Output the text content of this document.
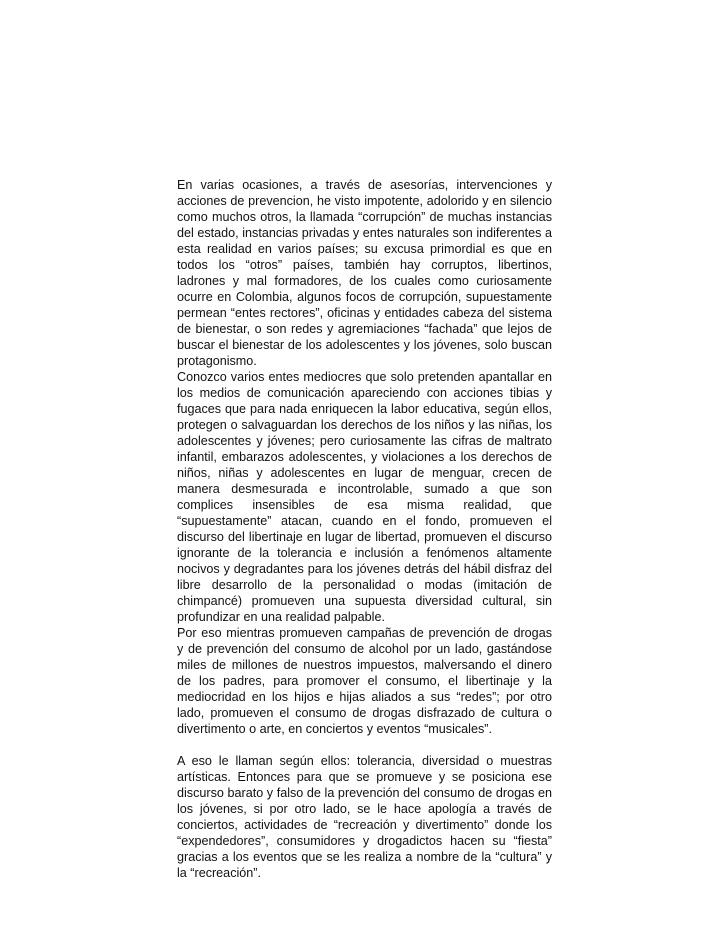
En varias ocasiones, a través de asesorías, intervenciones y acciones de prevencion, he visto impotente, adolorido y en silencio como muchos otros, la llamada “corrupción” de muchas instancias del estado, instancias privadas y entes naturales son indiferentes a esta realidad en varios países; su excusa primordial es que en todos los “otros” países, también hay corruptos, libertinos, ladrones y mal formadores, de los cuales como curiosamente ocurre en Colombia, algunos focos de corrupción, supuestamente permean “entes rectores”, oficinas y entidades cabeza del sistema de bienestar, o son redes y agremiaciones “fachada” que lejos de buscar el bienestar de los adolescentes y los jóvenes, solo buscan protagonismo.

Conozco varios entes mediocres que solo pretenden apantallar en los medios de comunicación apareciendo con acciones tibias y fugaces que para nada enriquecen la labor educativa, según ellos, protegen o salvaguardan los derechos de los niños y las niñas, los adolescentes y jóvenes; pero curiosamente las cifras de maltrato infantil, embarazos adolescentes, y violaciones a los derechos de niños, niñas y adolescentes en lugar de menguar, crecen de manera desmesurada e incontrolable, sumado a que son complices insensibles de esa misma realidad, que “supuestamente” atacan, cuando en el fondo, promueven el discurso del libertinaje en lugar de libertad, promueven el discurso ignorante de la tolerancia e inclusión a fenómenos altamente nocivos y degradantes para los jóvenes detrás del hábil disfraz del libre desarrollo de la personalidad o modas (imitación de chimpancé) promueven una supuesta diversidad cultural, sin profundizar en una realidad palpable.

Por eso mientras promueven campañas de prevención de drogas y de prevención del consumo de alcohol por un lado, gastándose miles de millones de nuestros impuestos, malversando el dinero de los padres, para promover el consumo, el libertinaje y la mediocridad en los hijos e hijas aliados a sus “redes”; por otro lado, promueven el consumo de drogas disfrazado de cultura o divertimento o arte, en conciertos y eventos “musicales”.

A eso le llaman según ellos: tolerancia, diversidad o muestras artísticas. Entonces para que se promueve y se posiciona ese discurso barato y falso de la prevención del consumo de drogas en los jóvenes, si por otro lado, se le hace apología a través de conciertos, actividades de “recreación y divertimento” donde los “expendedores”, consumidores y drogadictos hacen su “fiesta” gracias a los eventos que se les realiza a nombre de la “cultura” y la “recreación”.
